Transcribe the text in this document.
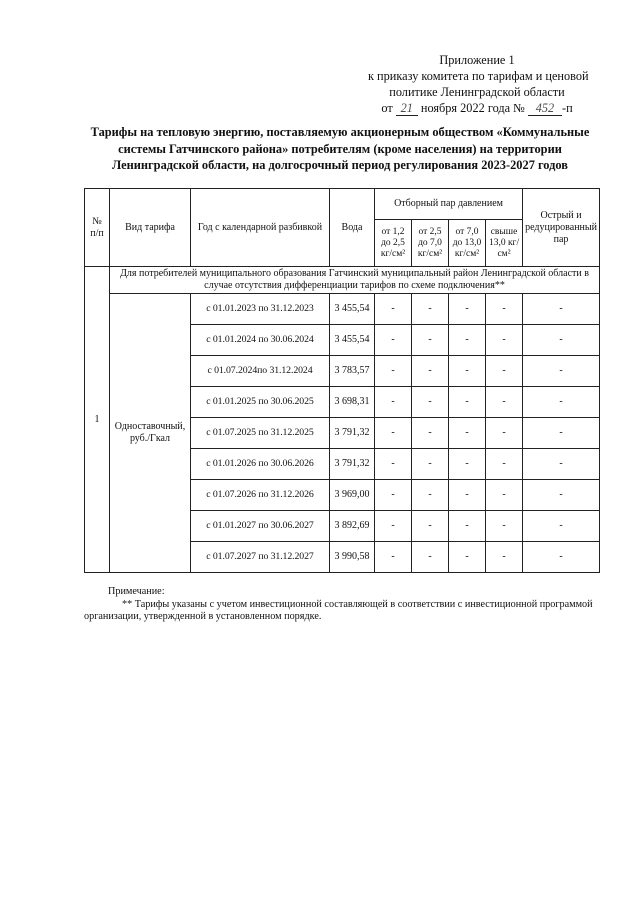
Приложение 1
к приказу комитета по тарифам и ценовой
политике Ленинградской области
от 21 ноября 2022 года № 452 -п
Тарифы на тепловую энергию, поставляемую акционерным обществом «Коммунальные
системы Гатчинского района» потребителям (кроме населения) на территории
Ленинградской области, на долгосрочный период регулирования 2023-2027 годов
№ п/п	Вид тарифа	Год с календарной разбивкой	Вода	Отборный пар давлением				Острый и редуцированный пар
				от 1,2 до 2,5 кг/см²	от 2,5 до 7,0 кг/см²	от 7,0 до 13,0 кг/см²	свыше 13,0 кг/см²	
1	Для потребителей муниципального образования Гатчинский муниципальный район Ленинградской области в случае отсутствия дифференциации тарифов по схеме подключения**							
	Одноставочный, руб./Гкал	с 01.01.2023 по 31.12.2023	3 455,54	-	-	-	-	-
		с 01.01.2024 по 30.06.2024	3 455,54	-	-	-	-	-
		с 01.07.2024по 31.12.2024	3 783,57	-	-	-	-	-
		с 01.01.2025 по 30.06.2025	3 698,31	-	-	-	-	-
		с 01.07.2025 по 31.12.2025	3 791,32	-	-	-	-	-
		с 01.01.2026 по 30.06.2026	3 791,32	-	-	-	-	-
		с 01.07.2026 по 31.12.2026	3 969,00	-	-	-	-	-
		с 01.01.2027 по 30.06.2027	3 892,69	-	-	-	-	-
		с 01.07.2027 по 31.12.2027	3 990,58	-	-	-	-	-
Примечание:
** Тарифы указаны с учетом инвестиционной составляющей в соответствии с инвестиционной программой
организации, утвержденной в установленном порядке.
